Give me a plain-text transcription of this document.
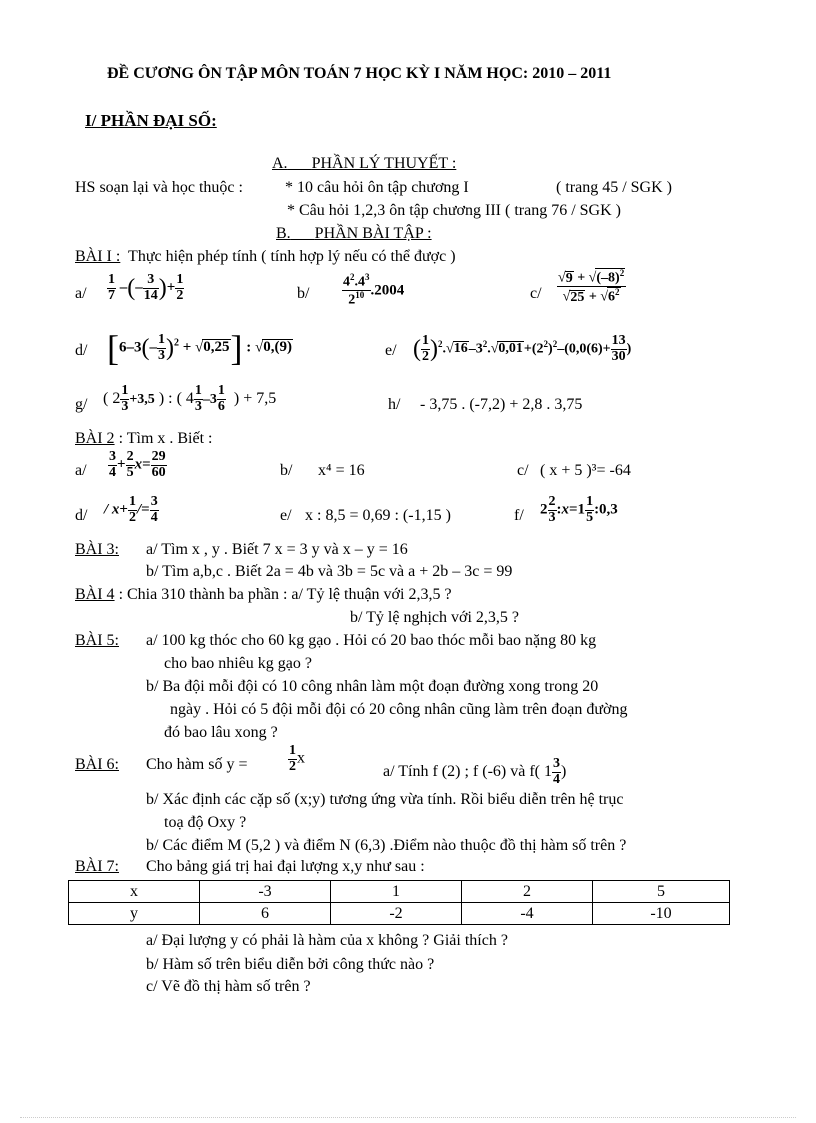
ĐỀ CƯƠNG ÔN TẬP MÔN TOÁN 7 HỌC KỲ I NĂM HỌC: 2010 – 2011
I/ PHẦN ĐẠI SỐ:
A. PHẦN LÝ THUYẾT :
HS soạn lại và học thuộc :	* 10 câu hỏi ôn tập chương I	( trang 45 / SGK )
* Câu hỏi 1,2,3 ôn tập chương III ( trang 76 / SGK )
B. PHẦN BÀI TẬP :
BÀI I : Thực hiện phép tính ( tính hợp lý nếu có thể được )
$a/ \frac{1}{7}$ –(– $\frac{3}{14}$ )+ $\frac{1}{2}$	$b/ \frac{4^2.4^3}{2^{10}} .2004$	$c/ \frac{√9 + √(-8)^2}{√25 + √6^2}$
d/ $[6-3(- \frac{1}{3} )^2 + √0,25]$ : √0,(9)	e/ ( $\frac{1}{2} )^2.√16-3^2.√0,01+(2^2)^2-(0,0(6)+ \frac{13}{30}$ )
g/ ( $2 \frac{1}{3} +3,5$ ) : ( $4 \frac{1}{3} -3 \frac{1}{6}$ ) + 7,5	h/ - 3,75 . (-7,2) + 2,8 . 3,75
BÀI 2 : Tìm x . Biết :
$a/ \frac{3}{4} + \frac{2}{5} x= \frac{29}{60}$	b/ x⁴ = 16	c/ ( x + 5 )³= -64
$d/ / x+ \frac{1}{2} /= \frac{3}{4}$	e/ x : 8,5 = 0,69 : (-1,15 )	f/ $2 \frac{2}{3}$ :x=1 $\frac{1}{5}$ :0,3
BÀI 3: a/ Tìm x , y . Biết 7 x = 3 y và x – y = 16
b/ Tìm a,b,c . Biết 2a = 4b và 3b = 5c và a + 2b – 3c = 99
BÀI 4 : Chia 310 thành ba phần : a/ Tỷ lệ thuận với 2,3,5 ?
b/ Tỷ lệ nghịch với 2,3,5 ?
BÀI 5: a/ 100 kg thóc cho 60 kg gạo . Hỏi có 20 bao thóc mỗi bao nặng 80 kg
cho bao nhiêu kg gạo ?
b/ Ba đội mỗi đội có 10 công nhân làm một đoạn đường xong trong 20
ngày . Hỏi có 5 đội mỗi đội có 20 công nhân cũng làm trên đoạn đường
đó bao lâu xong ?
BÀI 6: Cho hàm số y =	$\frac{1}{2}$ x
a/ Tính f (2) ; f (-6) và f( $1 \frac{3}{4}$ )
b/ Xác định các cặp số (x;y) tương ứng vừa tính. Rồi biểu diễn trên hệ trục
toạ độ Oxy ?
b/ Các điểm M (5,2 ) và điểm N (6,3) .Điểm nào thuộc đồ thị hàm số trên ?
BÀI 7: Cho bảng giá trị hai đại lượng x,y như sau :
x	-3	1	2	5
y	6	-2	-4	-10
a/ Đại lượng y có phải là hàm của x không ? Giải thích ?
b/ Hàm số trên biểu diễn bởi công thức nào ?
c/ Vẽ đồ thị hàm số trên ?
